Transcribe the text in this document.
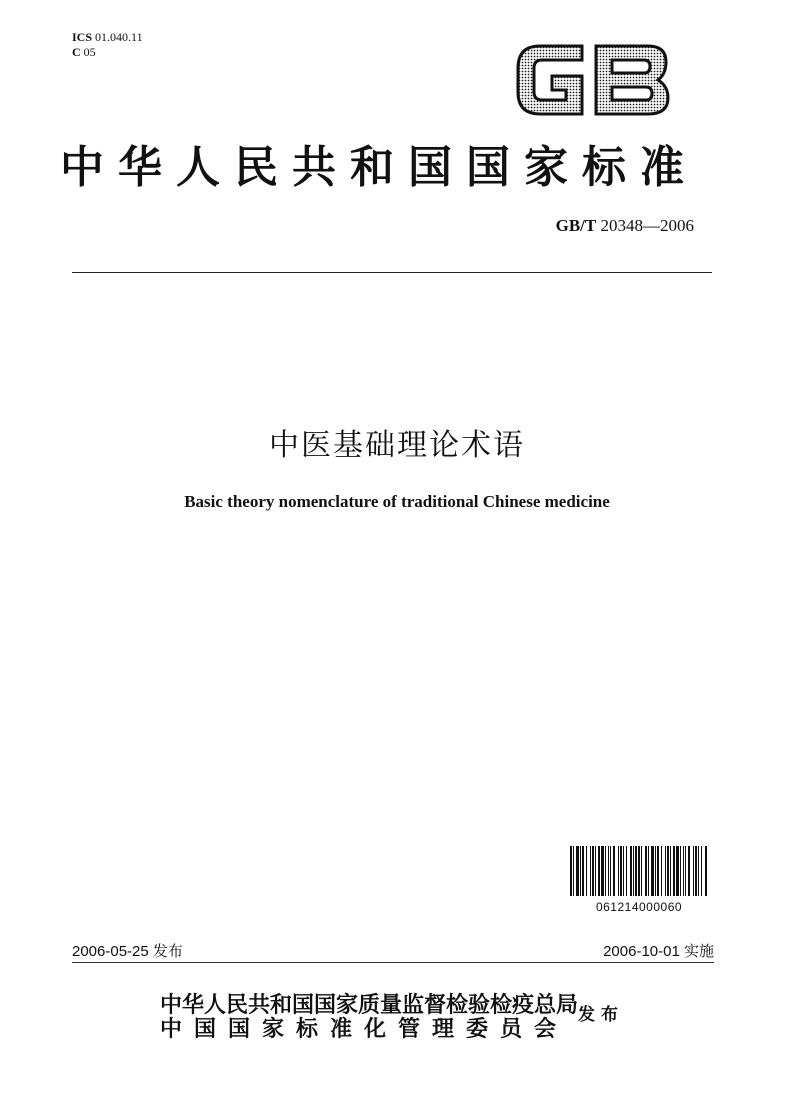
ICS 01.040.11
C 05
中华人民共和国国家标准
GB/T 20348—2006
中医基础理论术语
Basic theory nomenclature of traditional Chinese medicine
061214000060
2006-05-25 发布	2006-10-01 实施
中华人民共和国国家质量监督检验检疫总局
中国国家标准化管理委员会
发布
